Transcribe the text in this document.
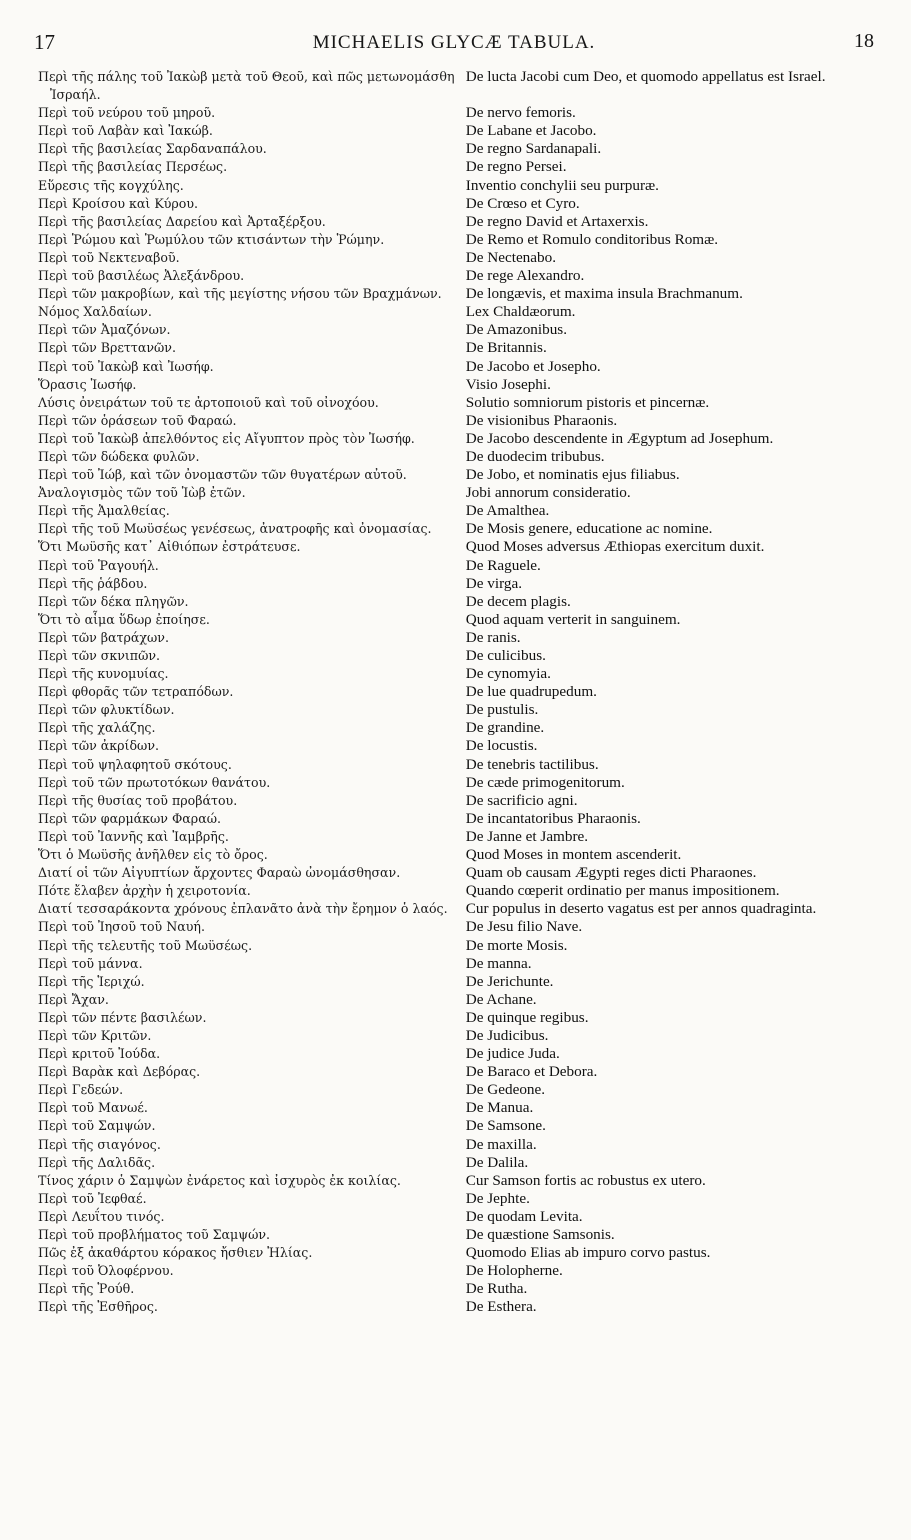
17	MICHAELIS GLYCÆ TABULA.	18
Περὶ τῆς πάλης τοῦ Ἰακὼβ μετὰ τοῦ Θεοῦ, καὶ πῶς μετωνομάσθη Ἰσραήλ.
De lucta Jacobi cum Deo, et quomodo appellatus est Israel.
Περὶ τοῦ νεύρου τοῦ μηροῦ.	De nervo femoris.
Περὶ τοῦ Λαβὰν καὶ Ἰακώβ.	De Labane et Jacobo.
Περὶ τῆς βασιλείας Σαρδαναπάλου.	De regno Sardanapali.
Περὶ τῆς βασιλείας Περσέως.	De regno Persei.
Εὕρεσις τῆς κογχύλης.	Inventio conchylii seu purpuræ.
Περὶ Κροίσου καὶ Κύρου.	De Crœso et Cyro.
Περὶ τῆς βασιλείας Δαρείου καὶ Ἀρταξέρξου.	De regno David et Artaxerxis.
Περὶ Ῥώμου καὶ Ῥωμύλου τῶν κτισάντων τὴν Ῥώμην.	De Remo et Romulo conditoribus Romæ.
Περὶ τοῦ Νεκτεναβοῦ.	De Nectenabo.
Περὶ τοῦ βασιλέως Ἀλεξάνδρου.	De rege Alexandro.
Περὶ τῶν μακροβίων, καὶ τῆς μεγίστης νήσου τῶν Βραχμάνων.	De longævis, et maxima insula Brachmanum.
Νόμος Χαλδαίων.	Lex Chaldæorum.
Περὶ τῶν Ἀμαζόνων.	De Amazonibus.
Περὶ τῶν Βρεττανῶν.	De Britannis.
Περὶ τοῦ Ἰακὼβ καὶ Ἰωσήφ.	De Jacobo et Josepho.
Ὅρασις Ἰωσήφ.	Visio Josephi.
Λύσις ὀνειράτων τοῦ τε ἀρτοποιοῦ καὶ τοῦ οἰνοχόου.	Solutio somniorum pistoris et pincernæ.
Περὶ τῶν ὁράσεων τοῦ Φαραώ.	De visionibus Pharaonis.
Περὶ τοῦ Ἰακὼβ ἀπελθόντος εἰς Αἴγυπτον πρὸς τὸν Ἰωσήφ.	De Jacobo descendente in Ægyptum ad Josephum.
Περὶ τῶν δώδεκα φυλῶν.	De duodecim tribubus.
Περὶ τοῦ Ἰώβ, καὶ τῶν ὀνομαστῶν τῶν θυγατέρων αὐτοῦ.	De Jobo, et nominatis ejus filiabus.
Ἀναλογισμὸς τῶν τοῦ Ἰὼβ ἐτῶν.	Jobi annorum consideratio.
Περὶ τῆς Ἀμαλθείας.	De Amalthea.
Περὶ τῆς τοῦ Μωϋσέως γενέσεως, ἀνατροφῆς καὶ ὀνομασίας.	De Mosis genere, educatione ac nomine.
Ὅτι Μωϋσῆς κατ᾽ Αἰθιόπων ἐστράτευσε.	Quod Moses adversus Æthiopas exercitum duxit.
Περὶ τοῦ Ῥαγουήλ.	De Raguele.
Περὶ τῆς ῥάβδου.	De virga.
Περὶ τῶν δέκα πληγῶν.	De decem plagis.
Ὅτι τὸ αἷμα ὕδωρ ἐποίησε.	Quod aquam verterit in sanguinem.
Περὶ τῶν βατράχων.	De ranis.
Περὶ τῶν σκνιπῶν.	De culicibus.
Περὶ τῆς κυνομυίας.	De cynomyia.
Περὶ φθορᾶς τῶν τετραπόδων.	De lue quadrupedum.
Περὶ τῶν φλυκτίδων.	De pustulis.
Περὶ τῆς χαλάζης.	De grandine.
Περὶ τῶν ἀκρίδων.	De locustis.
Περὶ τοῦ ψηλαφητοῦ σκότους.	De tenebris tactilibus.
Περὶ τοῦ τῶν πρωτοτόκων θανάτου.	De cæde primogenitorum.
Περὶ τῆς θυσίας τοῦ προβάτου.	De sacrificio agni.
Περὶ τῶν φαρμάκων Φαραώ.	De incantatoribus Pharaonis.
Περὶ τοῦ Ἰαννῆς καὶ Ἰαμβρῆς.	De Janne et Jambre.
Ὅτι ὁ Μωϋσῆς ἀνῆλθεν εἰς τὸ ὄρος.	Quod Moses in montem ascenderit.
Διατί οἱ τῶν Αἰγυπτίων ἄρχοντες Φαραὼ ὠνομάσθησαν.	Quam ob causam Ægypti reges dicti Pharaones.
Πότε ἔλαβεν ἀρχὴν ἡ χειροτονία.	Quando cœperit ordinatio per manus impositionem.
Διατί τεσσαράκοντα χρόνους ἐπλανᾶτο ἀνὰ τὴν ἔρημον ὁ λαός.	Cur populus in deserto vagatus est per annos quadraginta.
Περὶ τοῦ Ἰησοῦ τοῦ Ναυή.	De Jesu filio Nave.
Περὶ τῆς τελευτῆς τοῦ Μωϋσέως.	De morte Mosis.
Περὶ τοῦ μάννα.	De manna.
Περὶ τῆς Ἱεριχώ.	De Jerichunte.
Περὶ Ἄχαν.	De Achane.
Περὶ τῶν πέντε βασιλέων.	De quinque regibus.
Περὶ τῶν Κριτῶν.	De Judicibus.
Περὶ κριτοῦ Ἰούδα.	De judice Juda.
Περὶ Βαρὰκ καὶ Δεβόρας.	De Baraco et Debora.
Περὶ Γεδεών.	De Gedeone.
Περὶ τοῦ Μανωέ.	De Manua.
Περὶ τοῦ Σαμψών.	De Samsone.
Περὶ τῆς σιαγόνος.	De maxilla.
Περὶ τῆς Δαλιδᾶς.	De Dalila.
Τίνος χάριν ὁ Σαμψὼν ἐνάρετος καὶ ἰσχυρὸς ἐκ κοιλίας.	Cur Samson fortis ac robustus ex utero.
Περὶ τοῦ Ἰεφθαέ.	De Jephte.
Περὶ Λευΐτου τινός.	De quodam Levita.
Περὶ τοῦ προβλήματος τοῦ Σαμψών.	De quæstione Samsonis.
Πῶς ἐξ ἀκαθάρτου κόρακος ἤσθιεν Ἠλίας.	Quomodo Elias ab impuro corvo pastus.
Περὶ τοῦ Ὀλοφέρνου.	De Holopherne.
Περὶ τῆς Ῥούθ.	De Rutha.
Περὶ τῆς Ἐσθῆρος.	De Esthera.
